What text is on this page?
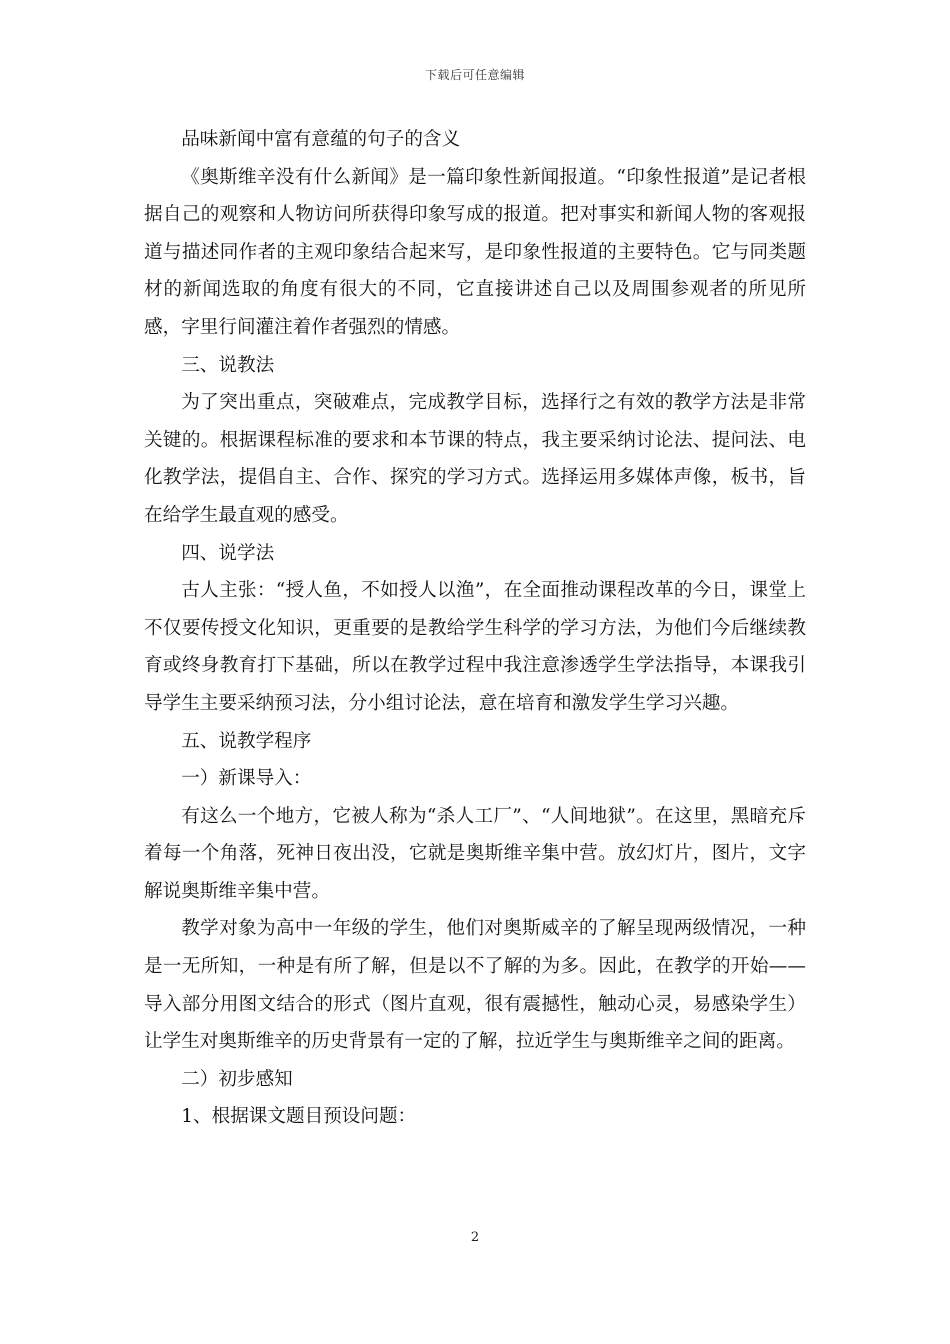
下载后可任意编辑

品味新闻中富有意蕴的句子的含义

《奥斯维辛没有什么新闻》是一篇印象性新闻报道。“印象性报道”是记者根据自己的观察和人物访问所获得印象写成的报道。把对事实和新闻人物的客观报道与描述同作者的主观印象结合起来写，是印象性报道的主要特色。它与同类题材的新闻选取的角度有很大的不同，它直接讲述自己以及周围参观者的所见所感，字里行间灌注着作者强烈的情感。

三、说教法

为了突出重点，突破难点，完成教学目标，选择行之有效的教学方法是非常关键的。根据课程标准的要求和本节课的特点，我主要采纳讨论法、提问法、电化教学法，提倡自主、合作、探究的学习方式。选择运用多媒体声像，板书，旨在给学生最直观的感受。

四、说学法

古人主张：“授人鱼，不如授人以渔”，在全面推动课程改革的今日，课堂上不仅要传授文化知识，更重要的是教给学生科学的学习方法，为他们今后继续教育或终身教育打下基础，所以在教学过程中我注意渗透学生学法指导，本课我引导学生主要采纳预习法，分小组讨论法，意在培育和激发学生学习兴趣。

五、说教学程序

一）新课导入：

有这么一个地方，它被人称为“杀人工厂”、“人间地狱”。在这里，黑暗充斥着每一个角落，死神日夜出没，它就是奥斯维辛集中营。放幻灯片，图片，文字解说奥斯维辛集中营。

教学对象为高中一年级的学生，他们对奥斯威辛的了解呈现两级情况，一种是一无所知，一种是有所了解，但是以不了解的为多。因此，在教学的开始——导入部分用图文结合的形式（图片直观，很有震撼性，触动心灵，易感染学生）让学生对奥斯维辛的历史背景有一定的了解，拉近学生与奥斯维辛之间的距离。

二）初步感知

1、根据课文题目预设问题：

2
